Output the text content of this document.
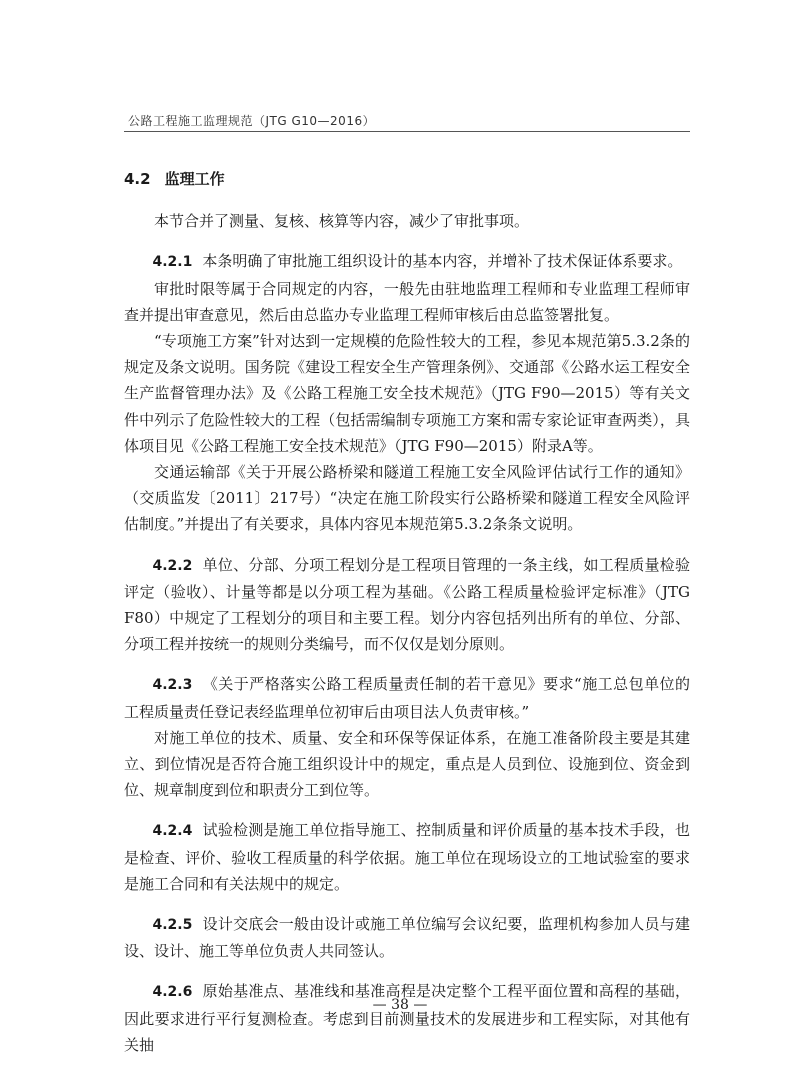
公路工程施工监理规范（JTG G10—2016）
4.2 监理工作

本节合并了测量、复核、核算等内容，减少了审批事项。

4.2.1 本条明确了审批施工组织设计的基本内容，并增补了技术保证体系要求。

审批时限等属于合同规定的内容，一般先由驻地监理工程师和专业监理工程师审查并提出审查意见，然后由总监办专业监理工程师审核后由总监签署批复。

“专项施工方案”针对达到一定规模的危险性较大的工程，参见本规范第5.3.2条的规定及条文说明。国务院《建设工程安全生产管理条例》、交通部《公路水运工程安全生产监督管理办法》及《公路工程施工安全技术规范》（JTG F90—2015）等有关文件中列示了危险性较大的工程（包括需编制专项施工方案和需专家论证审查两类），具体项目见《公路工程施工安全技术规范》（JTG F90—2015）附录A等。

交通运输部《关于开展公路桥梁和隧道工程施工安全风险评估试行工作的通知》（交质监发〔2011〕217号）“决定在施工阶段实行公路桥梁和隧道工程安全风险评估制度。”并提出了有关要求，具体内容见本规范第5.3.2条条文说明。

4.2.2 单位、分部、分项工程划分是工程项目管理的一条主线，如工程质量检验评定（验收）、计量等都是以分项工程为基础。《公路工程质量检验评定标准》（JTG F80）中规定了工程划分的项目和主要工程。划分内容包括列出所有的单位、分部、分项工程并按统一的规则分类编号，而不仅仅是划分原则。

4.2.3 《关于严格落实公路工程质量责任制的若干意见》要求“施工总包单位的工程质量责任登记表经监理单位初审后由项目法人负责审核。”

对施工单位的技术、质量、安全和环保等保证体系，在施工准备阶段主要是其建立、到位情况是否符合施工组织设计中的规定，重点是人员到位、设施到位、资金到位、规章制度到位和职责分工到位等。

4.2.4 试验检测是施工单位指导施工、控制质量和评价质量的基本技术手段，也是检查、评价、验收工程质量的科学依据。施工单位在现场设立的工地试验室的要求是施工合同和有关法规中的规定。

4.2.5 设计交底会一般由设计或施工单位编写会议纪要，监理机构参加人员与建设、设计、施工等单位负责人共同签认。

4.2.6 原始基准点、基准线和基准高程是决定整个工程平面位置和高程的基础，因此要求进行平行复测检查。考虑到目前测量技术的发展进步和工程实际，对其他有关抽

— 38 —
